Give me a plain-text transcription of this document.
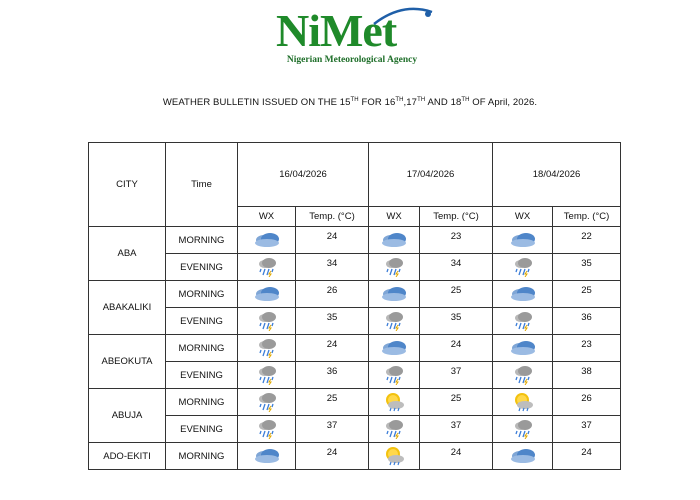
NiMet
Nigerian Meteorological Agency
WEATHER BULLETIN ISSUED ON THE 15TH FOR 16TH,17TH AND 18TH OF April, 2026.
CITY	Time	16/04/2026		17/04/2026		18/04/2026	
		WX	Temp. (°C)	WX	Temp. (°C)	WX	Temp. (°C)
ABA	MORNING		24		23		22
	EVENING		34		34		35
ABAKALIKI	MORNING		26		25		25
	EVENING		35		35		36
ABEOKUTA	MORNING		24		24		23
	EVENING		36		37		38
ABUJA	MORNING		25		25		26
	EVENING		37		37		37
ADO-EKITI	MORNING		24		24		24
